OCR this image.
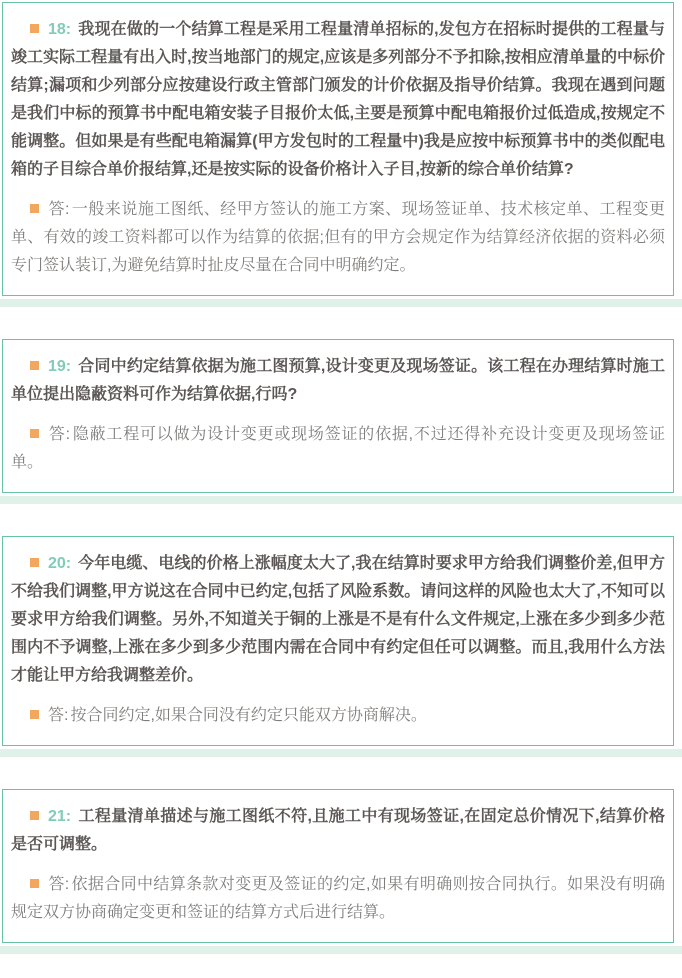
18: 我现在做的一个结算工程是采用工程量清单招标的,发包方在招标时提供的工程量与竣工实际工程量有出入时,按当地部门的规定,应该是多列部分不予扣除,按相应清单量的中标价结算;漏项和少列部分应按建设行政主管部门颁发的计价依据及指导价结算。我现在遇到问题是我们中标的预算书中配电箱安装子目报价太低,主要是预算中配电箱报价过低造成,按规定不能调整。但如果是有些配电箱漏算(甲方发包时的工程量中)我是应按中标预算书中的类似配电箱的子目综合单价报结算,还是按实际的设备价格计入子目,按新的综合单价结算?

答: 一般来说施工图纸、经甲方签认的施工方案、现场签证单、技术核定单、工程变更单、有效的竣工资料都可以作为结算的依据;但有的甲方会规定作为结算经济依据的资料必须专门签认装订,为避免结算时扯皮尽量在合同中明确约定。

19: 合同中约定结算依据为施工图预算,设计变更及现场签证。该工程在办理结算时施工单位提出隐蔽资料可作为结算依据,行吗?

答: 隐蔽工程可以做为设计变更或现场签证的依据,不过还得补充设计变更及现场签证单。

20: 今年电缆、电线的价格上涨幅度太大了,我在结算时要求甲方给我们调整价差,但甲方不给我们调整,甲方说这在合同中已约定,包括了风险系数。请问这样的风险也太大了,不知可以要求甲方给我们调整。另外,不知道关于铜的上涨是不是有什么文件规定,上涨在多少到多少范围内不予调整,上涨在多少到多少范围内需在合同中有约定但任可以调整。而且,我用什么方法才能让甲方给我调整差价。

答: 按合同约定,如果合同没有约定只能双方协商解决。

21: 工程量清单描述与施工图纸不符,且施工中有现场签证,在固定总价情况下,结算价格是否可调整。

答: 依据合同中结算条款对变更及签证的约定,如果有明确则按合同执行。如果没有明确规定双方协商确定变更和签证的结算方式后进行结算。
